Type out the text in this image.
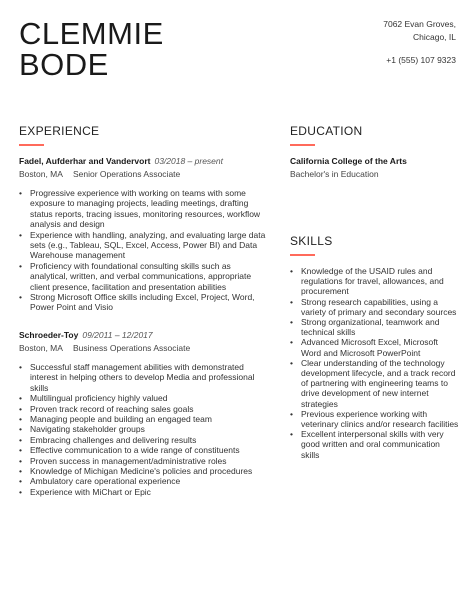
CLEMMIE
BODE
7062 Evan Groves,
Chicago, IL
+1 (555) 107 9323
EXPERIENCE
Fadel, Aufderhar and Vandervort 03/2018 – present
Boston, MA Senior Operations Associate
• Progressive experience with working on teams with some exposure to managing projects, leading meetings, drafting status reports, tracing issues, monitoring resources, workflow analysis and design
• Experience with handling, analyzing, and evaluating large data sets (e.g., Tableau, SQL, Excel, Access, Power BI) and Data Warehouse management
• Proficiency with foundational consulting skills such as analytical, written, and verbal communications, appropriate client presence, facilitation and presentation abilities
• Strong Microsoft Office skills including Excel, Project, Word, Power Point and Visio
Schroeder-Toy 09/2011 – 12/2017
Boston, MA Business Operations Associate
• Successful staff management abilities with demonstrated interest in helping others to develop Media and professional skills
• Multilingual proficiency highly valued
• Proven track record of reaching sales goals
• Managing people and building an engaged team
• Navigating stakeholder groups
• Embracing challenges and delivering results
• Effective communication to a wide range of constituents
• Proven success in management/administrative roles
• Knowledge of Michigan Medicine's policies and procedures
• Ambulatory care operational experience
• Experience with MiChart or Epic
EDUCATION
California College of the Arts
Bachelor's in Education
SKILLS
• Knowledge of the USAID rules and regulations for travel, allowances, and procurement
• Strong research capabilities, using a variety of primary and secondary sources
• Strong organizational, teamwork and technical skills
• Advanced Microsoft Excel, Microsoft Word and Microsoft PowerPoint
• Clear understanding of the technology development lifecycle, and a track record of partnering with engineering teams to drive development of new internet strategies
• Previous experience working with veterinary clinics and/or research facilities
• Excellent interpersonal skills with very good written and oral communication skills
